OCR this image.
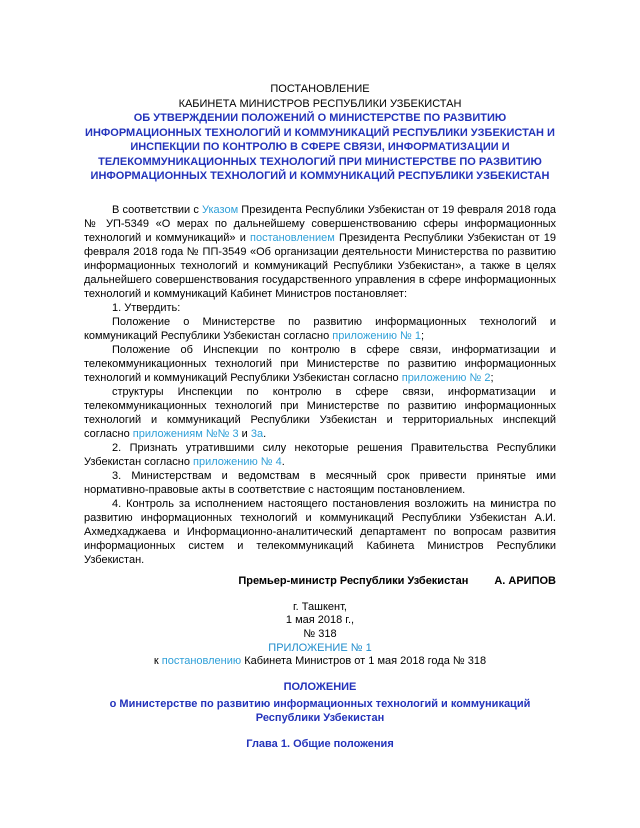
ПОСТАНОВЛЕНИЕ

КАБИНЕТА МИНИСТРОВ РЕСПУБЛИКИ УЗБЕКИСТАН

ОБ УТВЕРЖДЕНИИ ПОЛОЖЕНИЙ О МИНИСТЕРСТВЕ ПО РАЗВИТИЮ ИНФОРМАЦИОННЫХ ТЕХНОЛОГИЙ И КОММУНИКАЦИЙ РЕСПУБЛИКИ УЗБЕКИСТАН И ИНСПЕКЦИИ ПО КОНТРОЛЮ В СФЕРЕ СВЯЗИ, ИНФОРМАТИЗАЦИИ И ТЕЛЕКОММУНИКАЦИОННЫХ ТЕХНОЛОГИЙ ПРИ МИНИСТЕРСТВЕ ПО РАЗВИТИЮ ИНФОРМАЦИОННЫХ ТЕХНОЛОГИЙ И КОММУНИКАЦИЙ РЕСПУБЛИКИ УЗБЕКИСТАН

В соответствии с Указом Президента Республики Узбекистан от 19 февраля 2018 года № УП-5349 «О мерах по дальнейшему совершенствованию сферы информационных технологий и коммуникаций» и постановлением Президента Республики Узбекистан от 19 февраля 2018 года № ПП-3549 «Об организации деятельности Министерства по развитию информационных технологий и коммуникаций Республики Узбекистан», а также в целях дальнейшего совершенствования государственного управления в сфере информационных технологий и коммуникаций Кабинет Министров постановляет:

1. Утвердить:

Положение о Министерстве по развитию информационных технологий и коммуникаций Республики Узбекистан согласно приложению № 1;

Положение об Инспекции по контролю в сфере связи, информатизации и телекоммуникационных технологий при Министерстве по развитию информационных технологий и коммуникаций Республики Узбекистан согласно приложению № 2;

структуры Инспекции по контролю в сфере связи, информатизации и телекоммуникационных технологий при Министерстве по развитию информационных технологий и коммуникаций Республики Узбекистан и территориальных инспекций согласно приложениям №№ 3 и 3а.

2. Признать утратившими силу некоторые решения Правительства Республики Узбекистан согласно приложению № 4.

3. Министерствам и ведомствам в месячный срок привести принятые ими нормативно-правовые акты в соответствие с настоящим постановлением.

4. Контроль за исполнением настоящего постановления возложить на министра по развитию информационных технологий и коммуникаций Республики Узбекистан А.И. Ахмедхаджаева и Информационно-аналитический департамент по вопросам развития информационных систем и телекоммуникаций Кабинета Министров Республики Узбекистан.

Премьер-министр Республики Узбекистан А. АРИПОВ

г. Ташкент,

1 мая 2018 г.,

№ 318

ПРИЛОЖЕНИЕ № 1

к постановлению Кабинета Министров от 1 мая 2018 года № 318

ПОЛОЖЕНИЕ

о Министерстве по развитию информационных технологий и коммуникаций Республики Узбекистан

Глава 1. Общие положения
